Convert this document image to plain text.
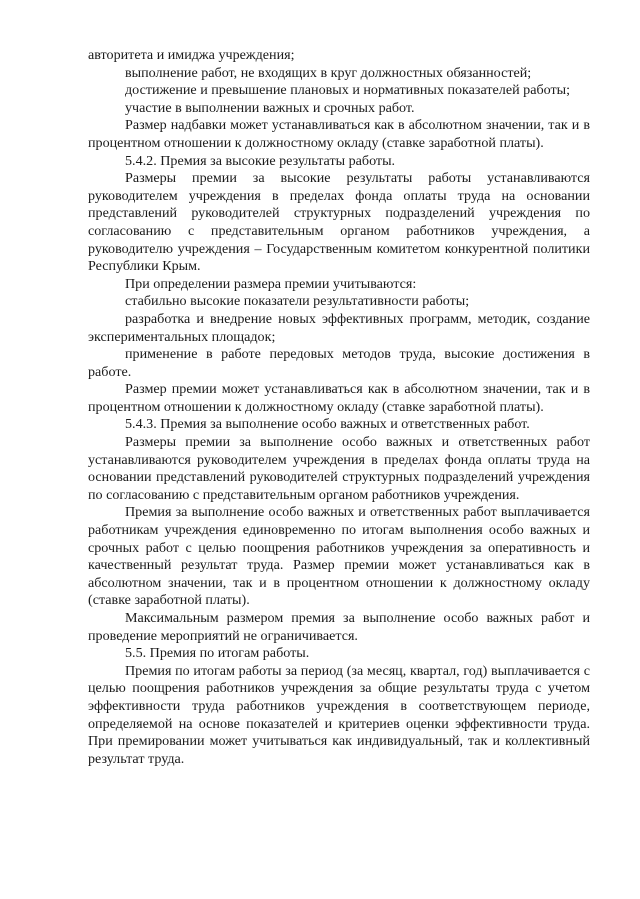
авторитета и имиджа учреждения;

выполнение работ, не входящих в круг должностных обязанностей;

достижение и превышение плановых и нормативных показателей работы;

участие в выполнении важных и срочных работ.

Размер надбавки может устанавливаться как в абсолютном значении, так и в процентном отношении к должностному окладу (ставке заработной платы).

5.4.2. Премия за высокие результаты работы.

Размеры премии за высокие результаты работы устанавливаются руководителем учреждения в пределах фонда оплаты труда на основании представлений руководителей структурных подразделений учреждения по согласованию с представительным органом работников учреждения, а руководителю учреждения – Государственным комитетом конкурентной политики Республики Крым.

При определении размера премии учитываются:

стабильно высокие показатели результативности работы;

разработка и внедрение новых эффективных программ, методик, создание экспериментальных площадок;

применение в работе передовых методов труда, высокие достижения в работе.

Размер премии может устанавливаться как в абсолютном значении, так и в процентном отношении к должностному окладу (ставке заработной платы).

5.4.3. Премия за выполнение особо важных и ответственных работ.

Размеры премии за выполнение особо важных и ответственных работ устанавливаются руководителем учреждения в пределах фонда оплаты труда на основании представлений руководителей структурных подразделений учреждения по согласованию с представительным органом работников учреждения.

Премия за выполнение особо важных и ответственных работ выплачивается работникам учреждения единовременно по итогам выполнения особо важных и срочных работ с целью поощрения работников учреждения за оперативность и качественный результат труда. Размер премии может устанавливаться как в абсолютном значении, так и в процентном отношении к должностному окладу (ставке заработной платы).

Максимальным размером премия за выполнение особо важных работ и проведение мероприятий не ограничивается.

5.5. Премия по итогам работы.

Премия по итогам работы за период (за месяц, квартал, год) выплачивается с целью поощрения работников учреждения за общие результаты труда с учетом эффективности труда работников учреждения в соответствующем периоде, определяемой на основе показателей и критериев оценки эффективности труда. При премировании может учитываться как индивидуальный, так и коллективный результат труда.
